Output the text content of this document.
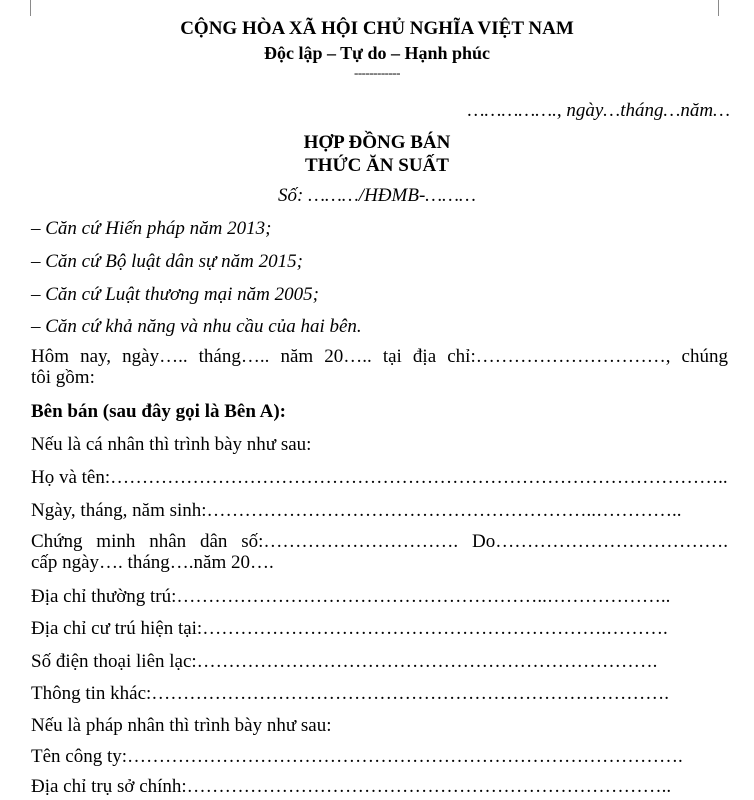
CỘNG HÒA XÃ HỘI CHỦ NGHĨA VIỆT NAM
Độc lập – Tự do – Hạnh phúc
------------
……………., ngày…tháng…năm…
HỢP ĐỒNG BÁN
THỨC ĂN SUẤT
Số: ………/HĐMB-………
– Căn cứ Hiến pháp năm 2013;
– Căn cứ Bộ luật dân sự năm 2015;
– Căn cứ Luật thương mại năm 2005;
– Căn cứ khả năng và nhu cầu của hai bên.
Hôm nay, ngày….. tháng….. năm 20….. tại địa chỉ:…………………………, chúng
tôi gồm:
Bên bán (sau đây gọi là Bên A):
Nếu là cá nhân thì trình bày như sau:
Họ và tên:……………………………………………………………………………………..
Ngày, tháng, năm sinh:……………………………………………………..…………..
Chứng minh nhân dân số:…………………………. Do……………………………….
cấp ngày…. tháng….năm 20….
Địa chỉ thường trú:…………………………………………………..………………..
Địa chỉ cư trú hiện tại:……………………………………………………….……….
Số điện thoại liên lạc:……………………………………………………………….
Thông tin khác:……………………………………………………………………….
Nếu là pháp nhân thì trình bày như sau:
Tên công ty:…………………………………………………………………………….
Địa chỉ trụ sở chính:…………………………………………………………………..
